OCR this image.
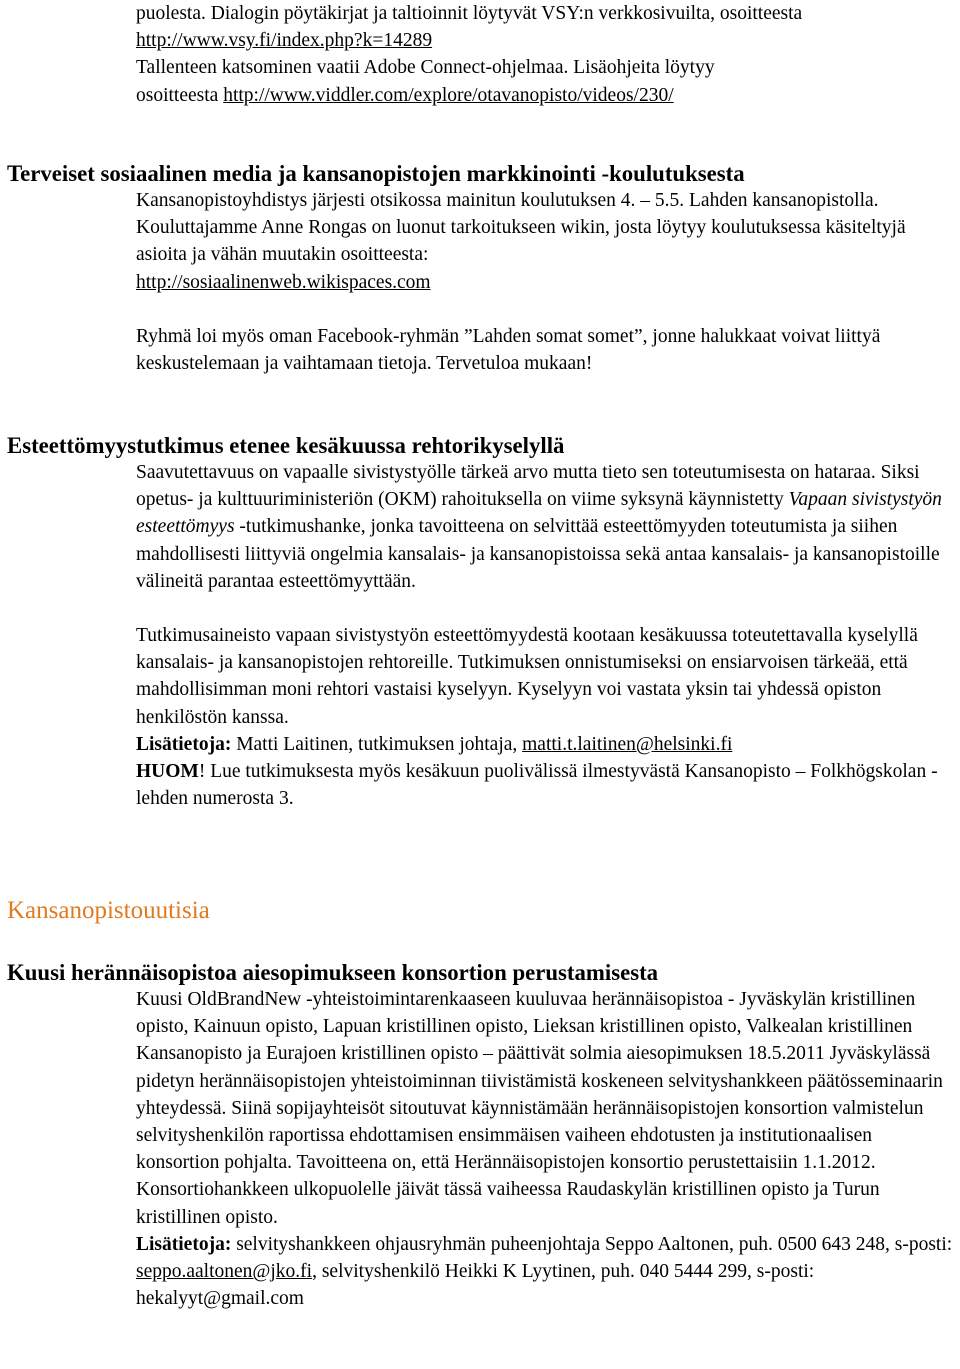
puolesta. Dialogin pöytäkirjat ja taltioinnit löytyvät VSY:n verkkosivuilta, osoitteesta

http://www.vsy.fi/index.php?k=14289

Tallenteen katsominen vaatii Adobe Connect-ohjelmaa. Lisäohjeita löytyy

osoitteesta http://www.viddler.com/explore/otavanopisto/videos/230/

Terveiset sosiaalinen media ja kansanopistojen markkinointi -koulutuksesta

Kansanopistoyhdistys järjesti otsikossa mainitun koulutuksen 4. – 5.5. Lahden kansanopistolla. Kouluttajamme Anne Rongas on luonut tarkoitukseen wikin, josta löytyy koulutuksessa käsiteltyjä asioita ja vähän muutakin osoitteesta:
http://sosiaalinenweb.wikispaces.com

Ryhmä loi myös oman Facebook-ryhmän ”Lahden somat somet”, jonne halukkaat voivat liittyä keskustelemaan ja vaihtamaan tietoja. Tervetuloa mukaan!

Esteettömyystutkimus etenee kesäkuussa rehtorikyselyllä

Saavutettavuus on vapaalle sivistystyölle tärkeä arvo mutta tieto sen toteutumisesta on hataraa. Siksi opetus- ja kulttuuriministeriön (OKM) rahoituksella on viime syksynä käynnistetty Vapaan sivistystyön esteettömyys -tutkimushanke, jonka tavoitteena on selvittää esteettömyyden toteutumista ja siihen mahdollisesti liittyviä ongelmia kansalais- ja kansanopistoissa sekä antaa kansalais- ja kansanopistoille välineitä parantaa esteettömyyttään.

Tutkimusaineisto vapaan sivistystyön esteettömyydestä kootaan kesäkuussa toteutettavalla kyselyllä kansalais- ja kansanopistojen rehtoreille. Tutkimuksen onnistumiseksi on ensiarvoisen tärkeää, että mahdollisimman moni rehtori vastaisi kyselyyn. Kyselyyn voi vastata yksin tai yhdessä opiston henkilöstön kanssa.

Lisätietoja: Matti Laitinen, tutkimuksen johtaja, matti.t.laitinen@helsinki.fi

HUOM! Lue tutkimuksesta myös kesäkuun puolivälissä ilmestyvästä Kansanopisto – Folkhögskolan -lehden numerosta 3.

Kansanopistouutisia
Kuusi herännäisopistoa aiesopimukseen konsortion perustamisesta

Kuusi OldBrandNew -yhteistoimintarenkaaseen kuuluvaa herännäisopistoa - Jyväskylän kristillinen opisto, Kainuun opisto, Lapuan kristillinen opisto, Lieksan kristillinen opisto, Valkealan kristillinen Kansanopisto ja Eurajoen kristillinen opisto – päättivät solmia aiesopimuksen 18.5.2011 Jyväskylässä pidetyn herännäisopistojen yhteistoiminnan tiivistämistä koskeneen selvityshankkeen päätösseminaarin yhteydessä. Siinä sopijayhteisöt sitoutuvat käynnistämään herännäisopistojen konsortion valmistelun selvityshenkilön raportissa ehdottamisen ensimmäisen vaiheen ehdotusten ja institutionaalisen konsortion pohjalta. Tavoitteena on, että Herännäisopistojen konsortio perustettaisiin 1.1.2012. Konsortiohankkeen ulkopuolelle jäivät tässä vaiheessa Raudaskylän kristillinen opisto ja Turun kristillinen opisto.

Lisätietoja: selvityshankkeen ohjausryhmän puheenjohtaja Seppo Aaltonen, puh. 0500 643 248, s-posti: seppo.aaltonen@jko.fi, selvityshenkilö Heikki K Lyytinen, puh. 040 5444 299, s-posti: hekalyyt@gmail.com
